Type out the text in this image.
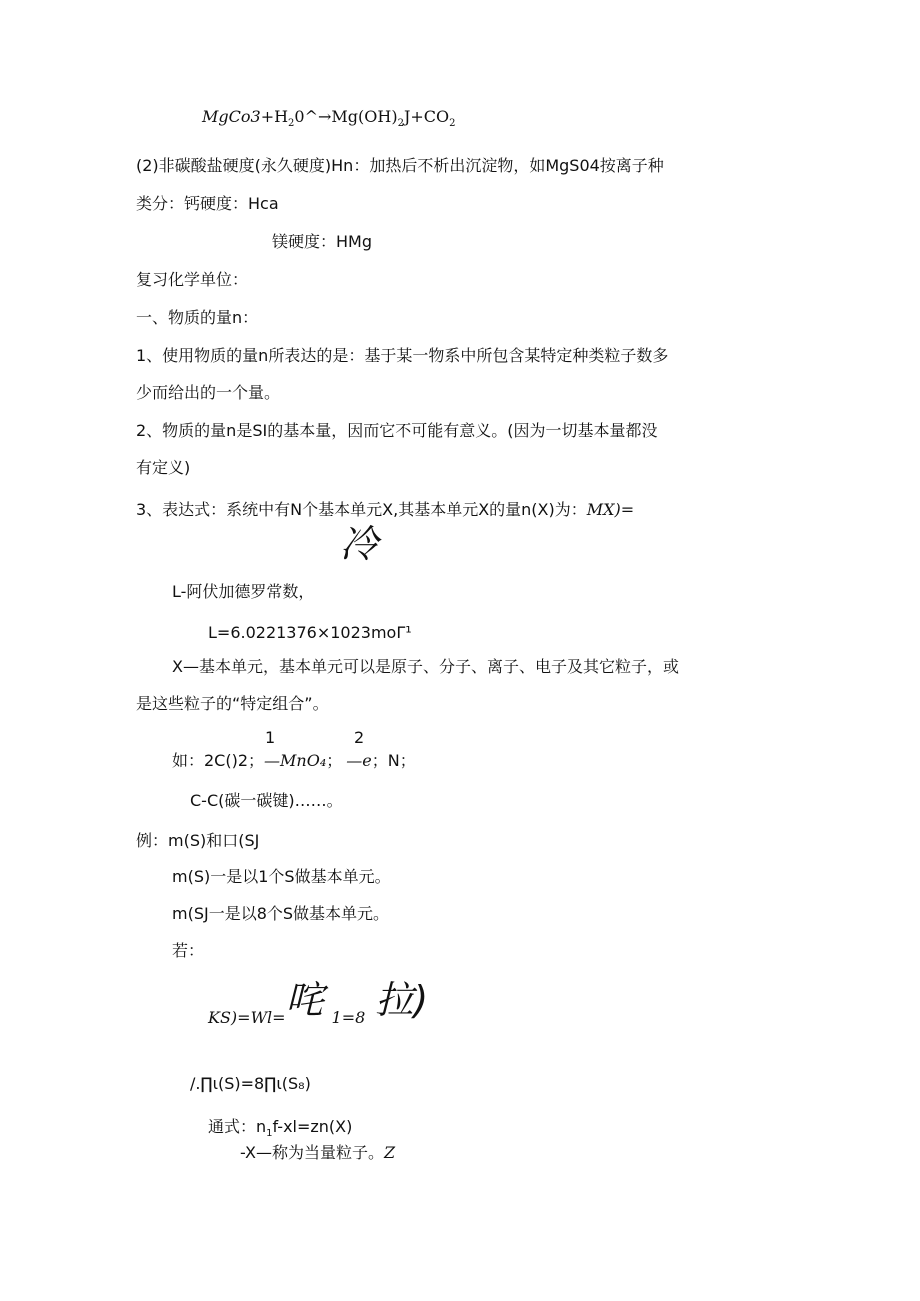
$MgCo3+H_20\^{}\to Mg(OH)_2J+CO_2$
(2)非碳酸盐硬度(永久硬度)Hn：加热后不析出沉淀物，如MgS04按离子种
类分：钙硬度：Hca
镁硬度：HMg
复习化学单位：
一、物质的量n：
1、使用物质的量n所表达的是：基于某一物系中所包含某特定种类粒子数多
少而给出的一个量。
2、物质的量n是SI的基本量，因而它不可能有意义。(因为一切基本量都没
有定义)
3、表达式：系统中有N个基本单元X,其基本单元X的量n(X)为：MX)=
冷
L-阿伏加德罗常数，
L=6.0221376×1023moΓ¹
X—基本单元，基本单元可以是原子、分子、离子、电子及其它粒子，或
是这些粒子的“特定组合”。
1	2
如：2C()2；—MnO₄； —e；N；
C-C(碳一碳键)……。
例：m(S)和口(SJ
m(S)一是以1个S做基本单元。
m(SJ一是以8个S做基本单元。
若：
KS)=Wl=咤 1=8 拉)
/.∏ι(S)=8∏ι(S₈)
通式：$n_1f-xl=zn(X)$
-X—称为当量粒子。Z
